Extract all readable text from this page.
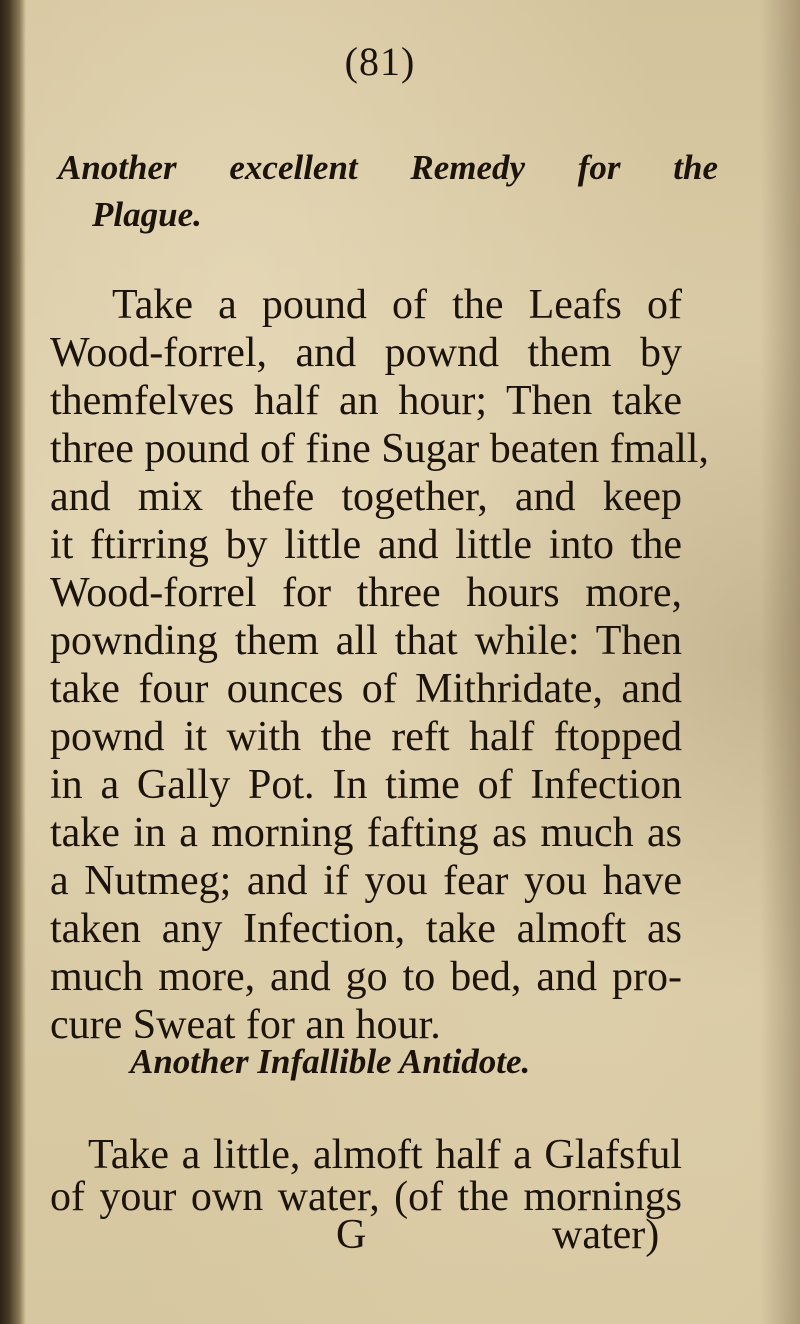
(81)
Another excellent Remedy for the
Plague.
Take a pound of the Leafs of
Wood-forrel, and pownd them by
themfelves half an hour; Then take
three pound of fine Sugar beaten fmall,
and mix thefe together, and keep
it ftirring by little and little into the
Wood-forrel for three hours more,
pownding them all that while: Then
take four ounces of Mithridate, and
pownd it with the reft half ftopped
in a Gally Pot. In time of Infection
take in a morning fafting as much as
a Nutmeg; and if you fear you have
taken any Infection, take almoft as
much more, and go to bed, and pro-
cure Sweat for an hour.
Another Infallible Antidote.
Take a little, almoft half a Glafsful
of your own water, (of the mornings
G	water)
